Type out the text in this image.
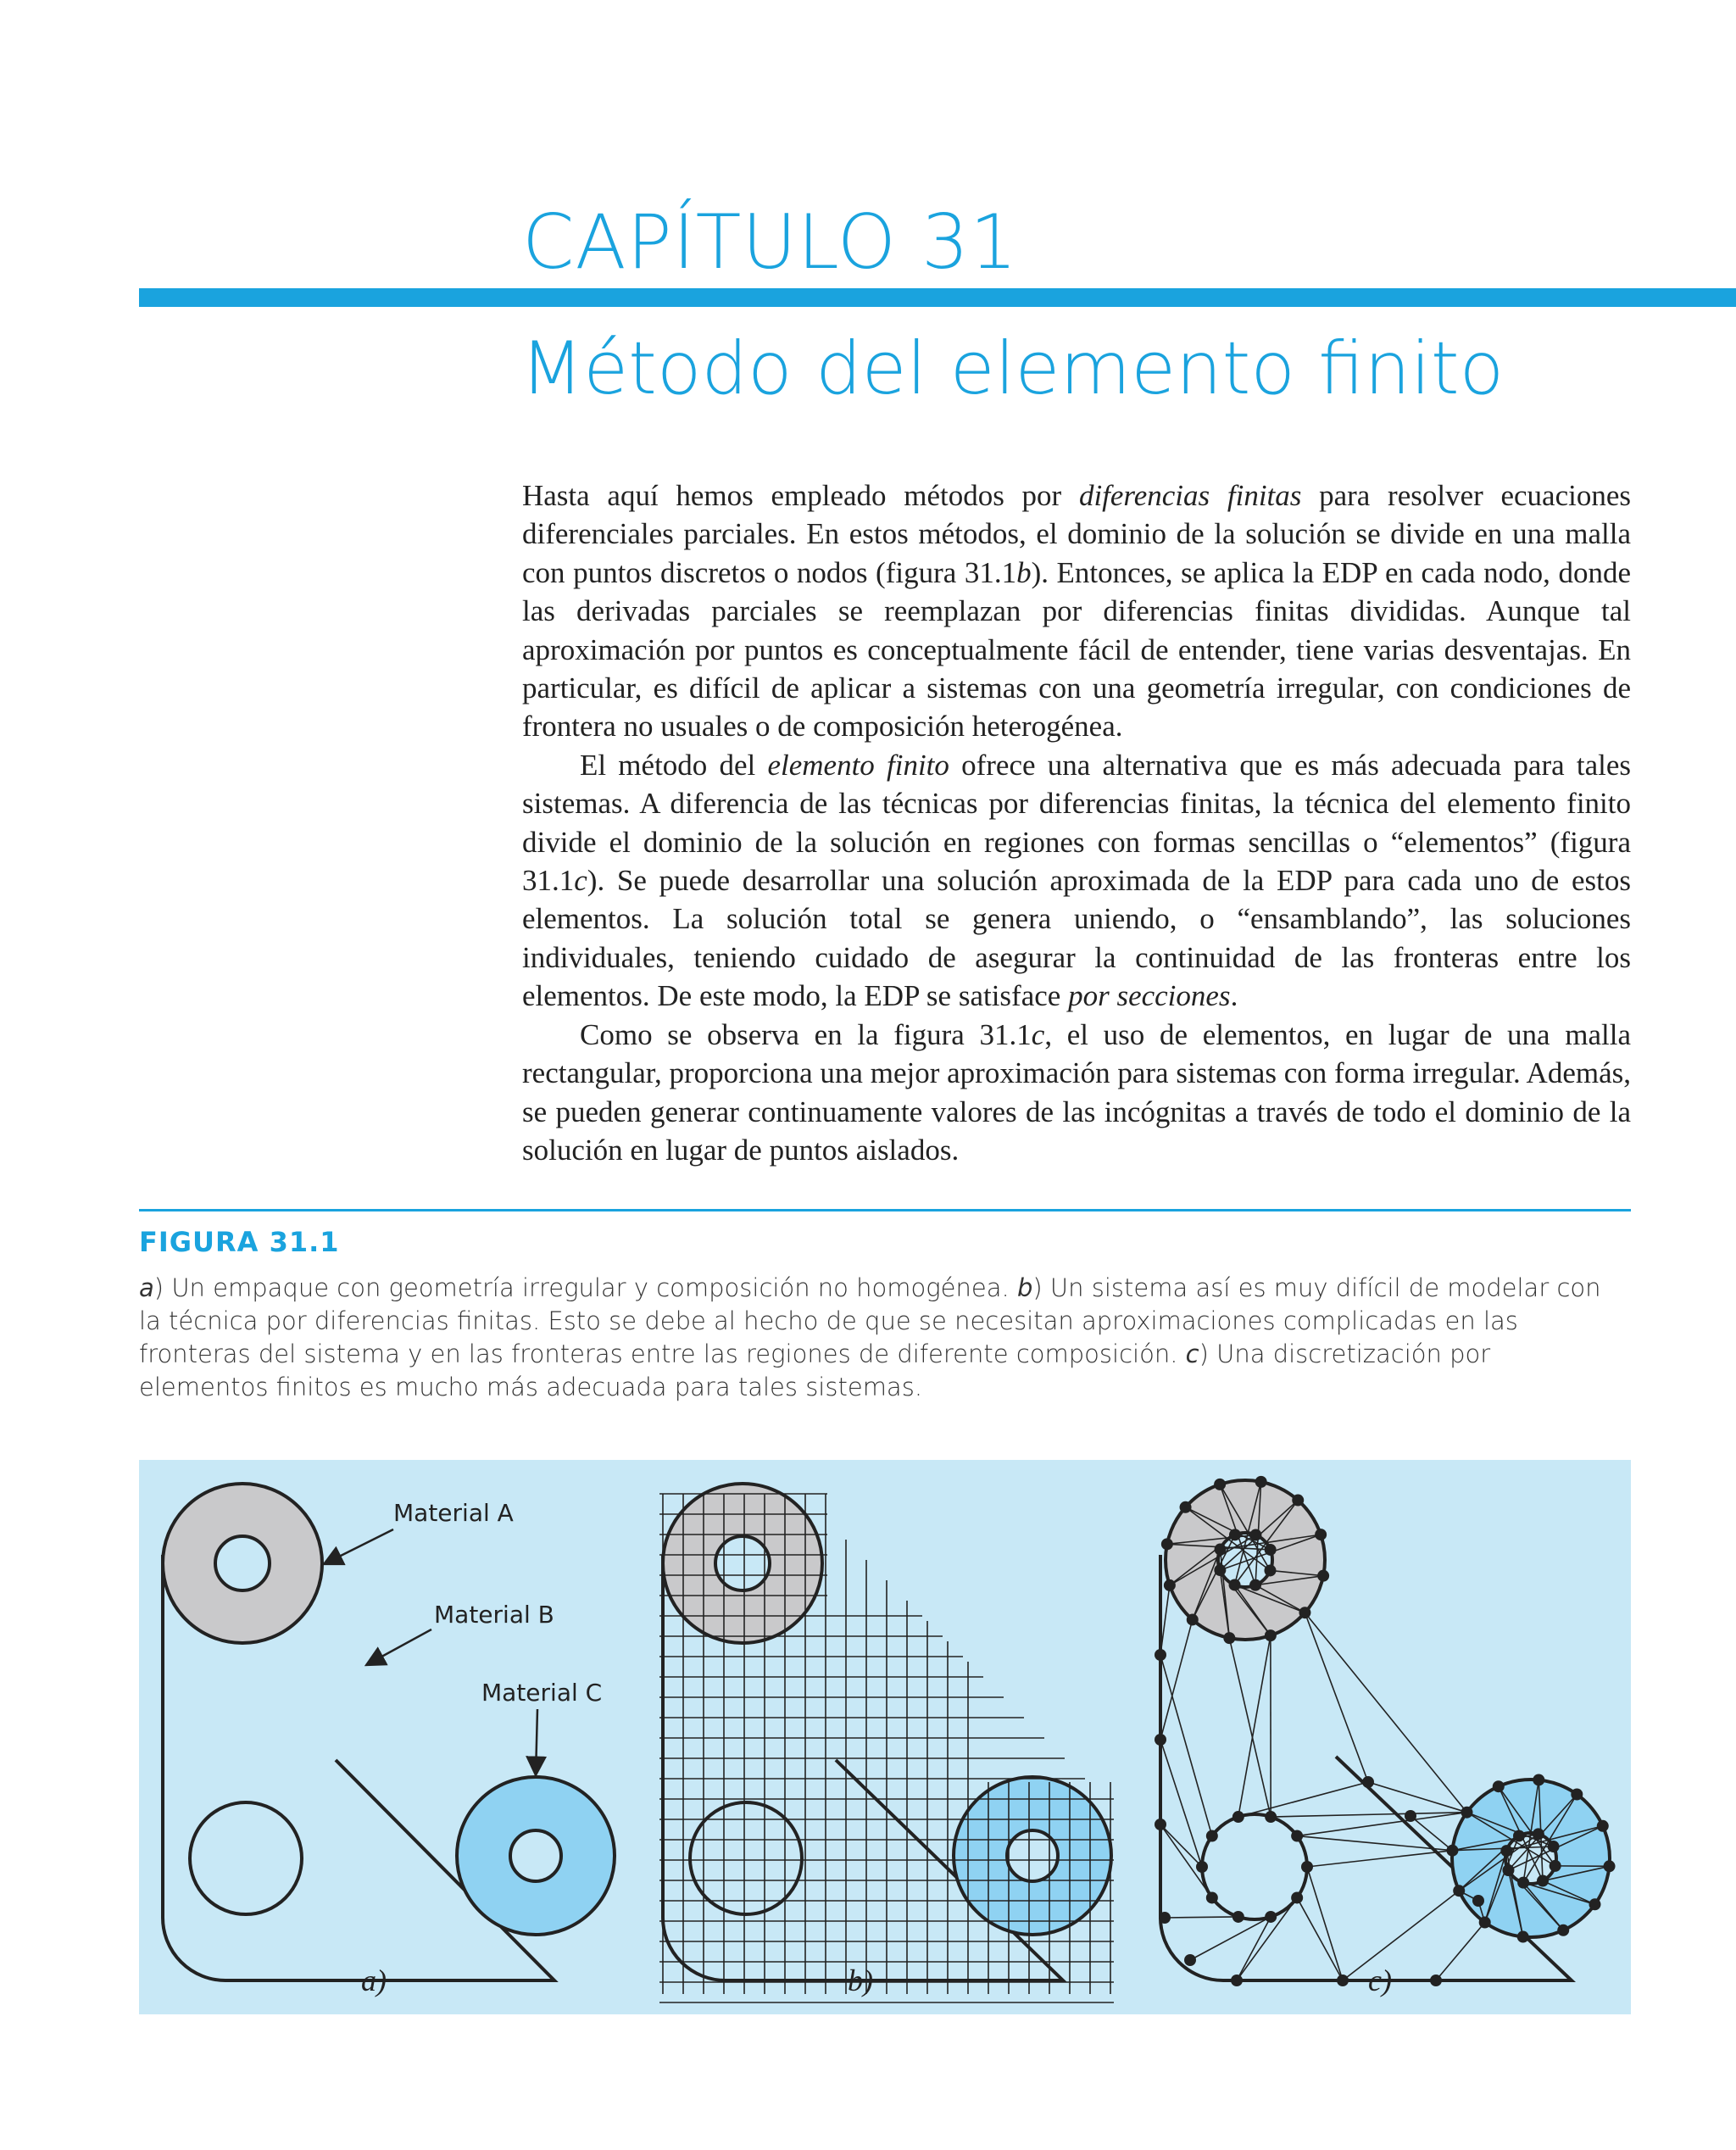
CAPÍTULO 31
Método del elemento finito

Hasta aquí hemos empleado métodos por diferencias finitas para resolver ecuaciones diferenciales parciales. En estos métodos, el dominio de la solución se divide en una malla con puntos discretos o nodos (figura 31.1b). Entonces, se aplica la EDP en cada nodo, donde las derivadas parciales se reemplazan por diferencias finitas divididas. Aunque tal aproximación por puntos es conceptualmente fácil de entender, tiene varias desventajas. En particular, es difícil de aplicar a sistemas con una geometría irregular, con condiciones de frontera no usuales o de composición heterogénea.

El método del elemento finito ofrece una alternativa que es más adecuada para tales sistemas. A diferencia de las técnicas por diferencias finitas, la técnica del elemento finito divide el dominio de la solución en regiones con formas sencillas o “elementos” (figura 31.1c). Se puede desarrollar una solución aproximada de la EDP para cada uno de estos elementos. La solución total se genera uniendo, o “ensamblando”, las soluciones individuales, teniendo cuidado de asegurar la continuidad de las fronteras entre los elementos. De este modo, la EDP se satisface por secciones.

Como se observa en la figura 31.1c, el uso de elementos, en lugar de una malla rectangular, proporciona una mejor aproximación para sistemas con forma irregular. Además, se pueden generar continuamente valores de las incógnitas a través de todo el dominio de la solución en lugar de puntos aislados.

FIGURA 31.1
a) Un empaque con geometría irregular y composición no homogénea. b) Un sistema así es muy difícil de modelar con la técnica por diferencias finitas. Esto se debe al hecho de que se necesitan aproximaciones complicadas en las fronteras del sistema y en las fronteras entre las regiones de diferente composición. c) Una discretización por elementos finitos es mucho más adecuada para tales sistemas.
Material A
Material B
Material C
a)	b)	c)
